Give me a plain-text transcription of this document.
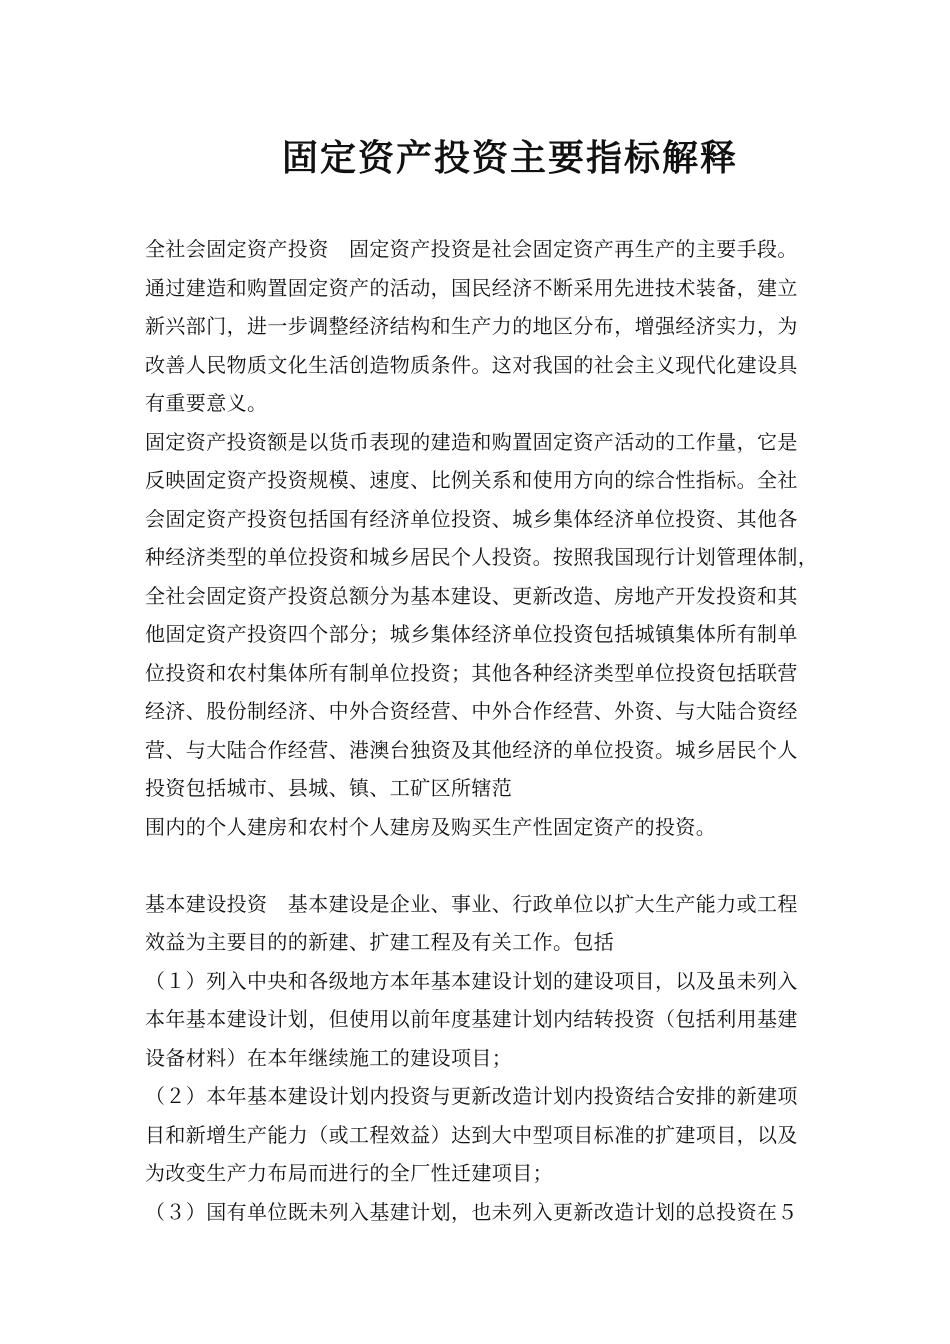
固定资产投资主要指标解释
全社会固定资产投资　固定资产投资是社会固定资产再生产的主要手段。
通过建造和购置固定资产的活动，国民经济不断采用先进技术装备，建立
新兴部门，进一步调整经济结构和生产力的地区分布，增强经济实力，为
改善人民物质文化生活创造物质条件。这对我国的社会主义现代化建设具
有重要意义。
固定资产投资额是以货币表现的建造和购置固定资产活动的工作量，它是
反映固定资产投资规模、速度、比例关系和使用方向的综合性指标。全社
会固定资产投资包括国有经济单位投资、城乡集体经济单位投资、其他各
种经济类型的单位投资和城乡居民个人投资。按照我国现行计划管理体制，
全社会固定资产投资总额分为基本建设、更新改造、房地产开发投资和其
他固定资产投资四个部分；城乡集体经济单位投资包括城镇集体所有制单
位投资和农村集体所有制单位投资；其他各种经济类型单位投资包括联营
经济、股份制经济、中外合资经营、中外合作经营、外资、与大陆合资经
营、与大陆合作经营、港澳台独资及其他经济的单位投资。城乡居民个人
投资包括城市、县城、镇、工矿区所辖范
围内的个人建房和农村个人建房及购买生产性固定资产的投资。
基本建设投资　基本建设是企业、事业、行政单位以扩大生产能力或工程
效益为主要目的的新建、扩建工程及有关工作。包括
（１）列入中央和各级地方本年基本建设计划的建设项目，以及虽未列入
本年基本建设计划，但使用以前年度基建计划内结转投资（包括利用基建
设备材料）在本年继续施工的建设项目；
（２）本年基本建设计划内投资与更新改造计划内投资结合安排的新建项
目和新增生产能力（或工程效益）达到大中型项目标准的扩建项目，以及
为改变生产力布局而进行的全厂性迁建项目；
（３）国有单位既未列入基建计划，也未列入更新改造计划的总投资在５
